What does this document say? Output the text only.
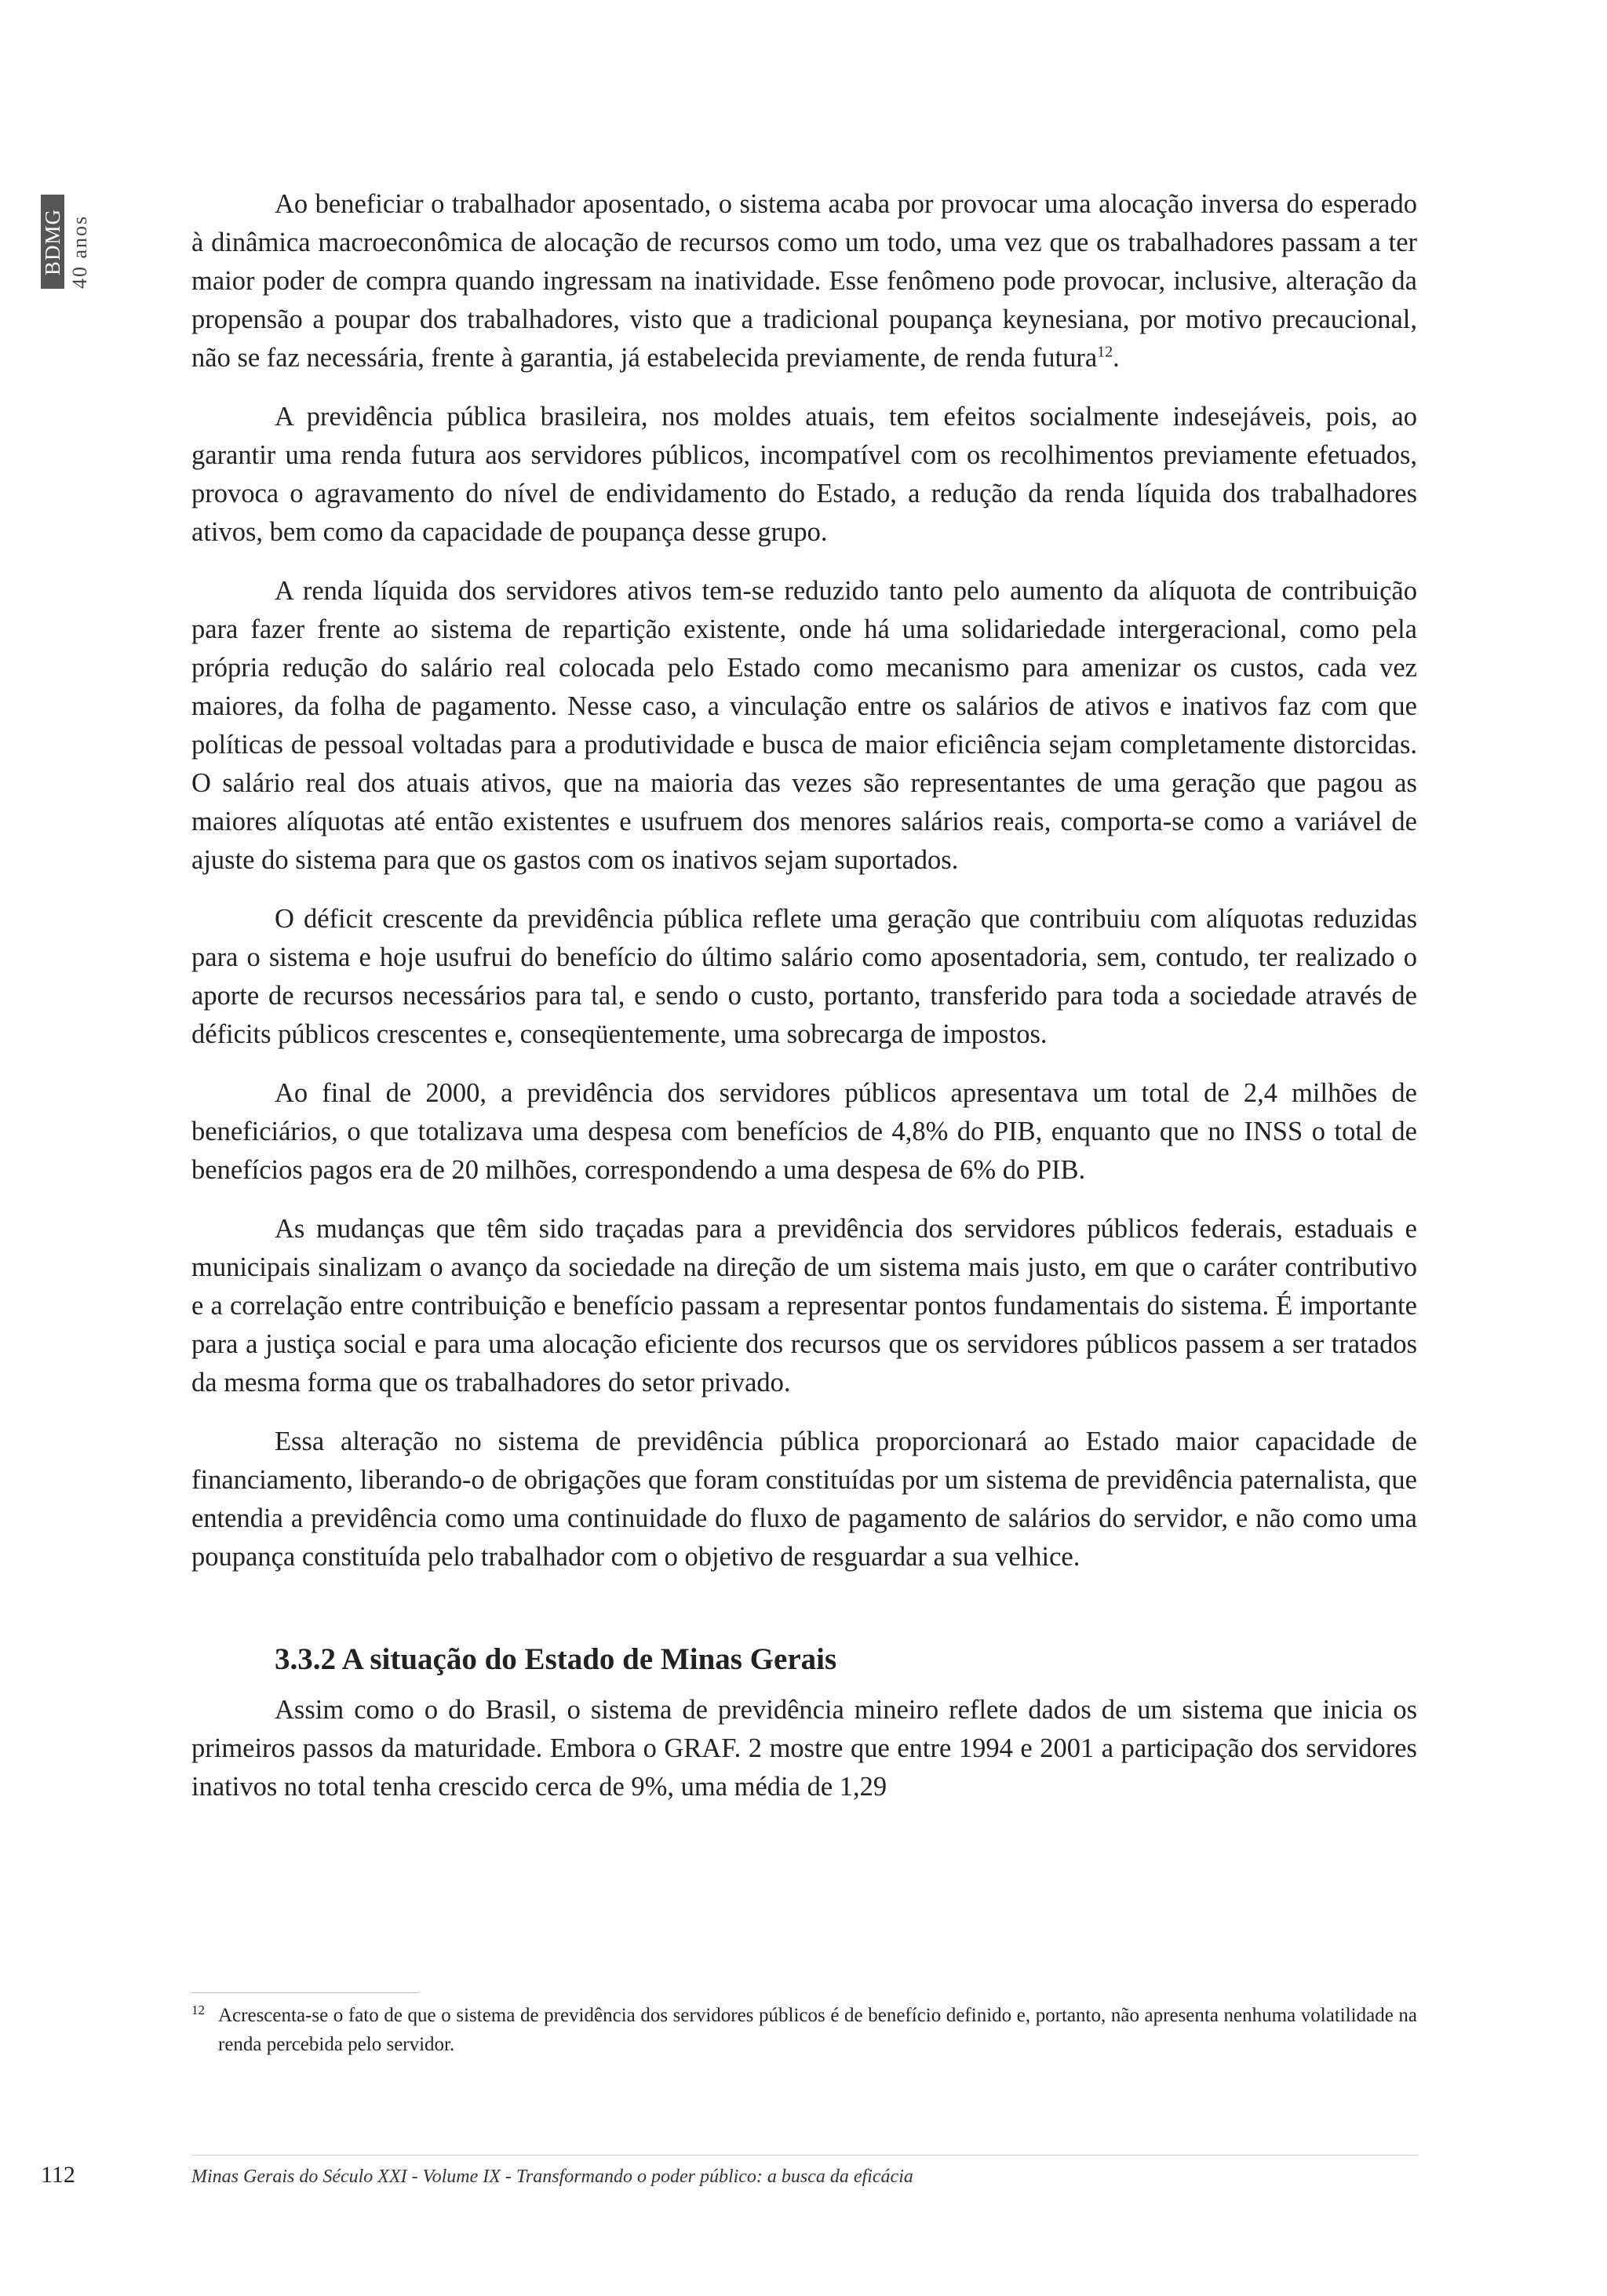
BDMG 40 anos

Ao beneficiar o trabalhador aposentado, o sistema acaba por provocar uma alocação inversa do esperado à dinâmica macroeconômica de alocação de recursos como um todo, uma vez que os trabalhadores passam a ter maior poder de compra quando ingressam na inatividade. Esse fenômeno pode provocar, inclusive, alteração da propensão a poupar dos trabalhadores, visto que a tradicional poupança keynesiana, por motivo precaucional, não se faz necessária, frente à garantia, já estabelecida previamente, de renda futura$^{12}$.

A previdência pública brasileira, nos moldes atuais, tem efeitos socialmente indesejáveis, pois, ao garantir uma renda futura aos servidores públicos, incompatível com os recolhimentos previamente efetuados, provoca o agravamento do nível de endividamento do Estado, a redução da renda líquida dos trabalhadores ativos, bem como da capacidade de poupança desse grupo.

A renda líquida dos servidores ativos tem-se reduzido tanto pelo aumento da alíquota de contribuição para fazer frente ao sistema de repartição existente, onde há uma solidariedade intergeracional, como pela própria redução do salário real colocada pelo Estado como mecanismo para amenizar os custos, cada vez maiores, da folha de pagamento. Nesse caso, a vinculação entre os salários de ativos e inativos faz com que políticas de pessoal voltadas para a produtividade e busca de maior eficiência sejam completamente distorcidas. O salário real dos atuais ativos, que na maioria das vezes são representantes de uma geração que pagou as maiores alíquotas até então existentes e usufruem dos menores salários reais, comporta-se como a variável de ajuste do sistema para que os gastos com os inativos sejam suportados.

O déficit crescente da previdência pública reflete uma geração que contribuiu com alíquotas reduzidas para o sistema e hoje usufrui do benefício do último salário como aposentadoria, sem, contudo, ter realizado o aporte de recursos necessários para tal, e sendo o custo, portanto, transferido para toda a sociedade através de déficits públicos crescentes e, conseqüentemente, uma sobrecarga de impostos.

Ao final de 2000, a previdência dos servidores públicos apresentava um total de 2,4 milhões de beneficiários, o que totalizava uma despesa com benefícios de 4,8% do PIB, enquanto que no INSS o total de benefícios pagos era de 20 milhões, correspondendo a uma despesa de 6% do PIB.

As mudanças que têm sido traçadas para a previdência dos servidores públicos federais, estaduais e municipais sinalizam o avanço da sociedade na direção de um sistema mais justo, em que o caráter contributivo e a correlação entre contribuição e benefício passam a representar pontos fundamentais do sistema. É importante para a justiça social e para uma alocação eficiente dos recursos que os servidores públicos passem a ser tratados da mesma forma que os trabalhadores do setor privado.

Essa alteração no sistema de previdência pública proporcionará ao Estado maior capacidade de financiamento, liberando-o de obrigações que foram constituídas por um sistema de previdência paternalista, que entendia a previdência como uma continuidade do fluxo de pagamento de salários do servidor, e não como uma poupança constituída pelo trabalhador com o objetivo de resguardar a sua velhice.

3.3.2 A situação do Estado de Minas Gerais

Assim como o do Brasil, o sistema de previdência mineiro reflete dados de um sistema que inicia os primeiros passos da maturidade. Embora o GRAF. 2 mostre que entre 1994 e 2001 a participação dos servidores inativos no total tenha crescido cerca de 9%, uma média de 1,29

12 Acrescenta-se o fato de que o sistema de previdência dos servidores públicos é de benefício definido e, portanto, não apresenta nenhuma volatilidade na renda percebida pelo servidor.
112	Minas Gerais do Século XXI - Volume IX - Transformando o poder público: a busca da eficácia
